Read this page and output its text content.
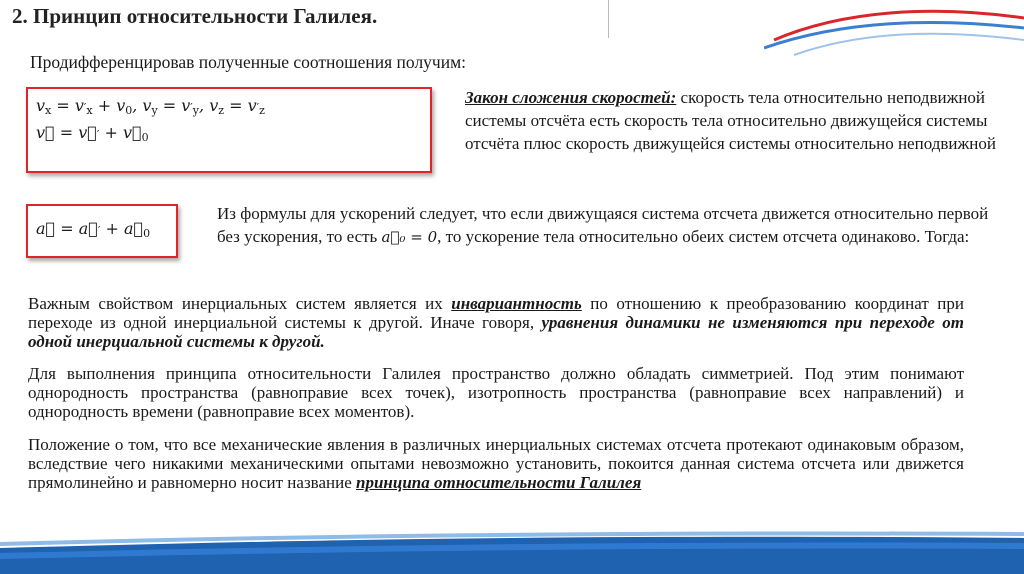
2. Принцип относительности Галилея.
Продифференцировав полученные соотношения получим:
$v_x = v'_x + v_0$, $v_y = v'_y$, $v_z = v'_z$
v⃗ = v⃗′ + $v⃗_0$
a⃗ = a⃗′ + $a⃗_0$
Закон сложения скоростей: скорость тела относительно неподвижной системы отсчёта есть скорость тела относительно движущейся системы отсчёта плюс скорость движущейся системы относительно неподвижной
Из формулы для ускорений следует, что если движущаяся система отсчета движется относительно первой без ускорения, то есть a⃗₀ = 0, то ускорение тела относительно обеих систем отсчета одинаково. Тогда:
Важным свойством инерциальных систем является их инвариантность по отношению к преобразованию координат при переходе из одной инерциальной системы к другой. Иначе говоря, уравнения динамики не изменяются при переходе от одной инерциальной системы к другой.
Для выполнения принципа относительности Галилея пространство должно обладать симметрией. Под этим понимают однородность пространства (равноправие всех точек), изотропность пространства (равноправие всех направлений) и однородность времени (равноправие всех моментов).
Положение о том, что все механические явления в различных инерциальных системах отсчета протекают одинаковым образом, вследствие чего никакими механическими опытами невозможно установить, покоится данная система отсчета или движется прямолинейно и равномерно носит название принципа относительности Галилея
